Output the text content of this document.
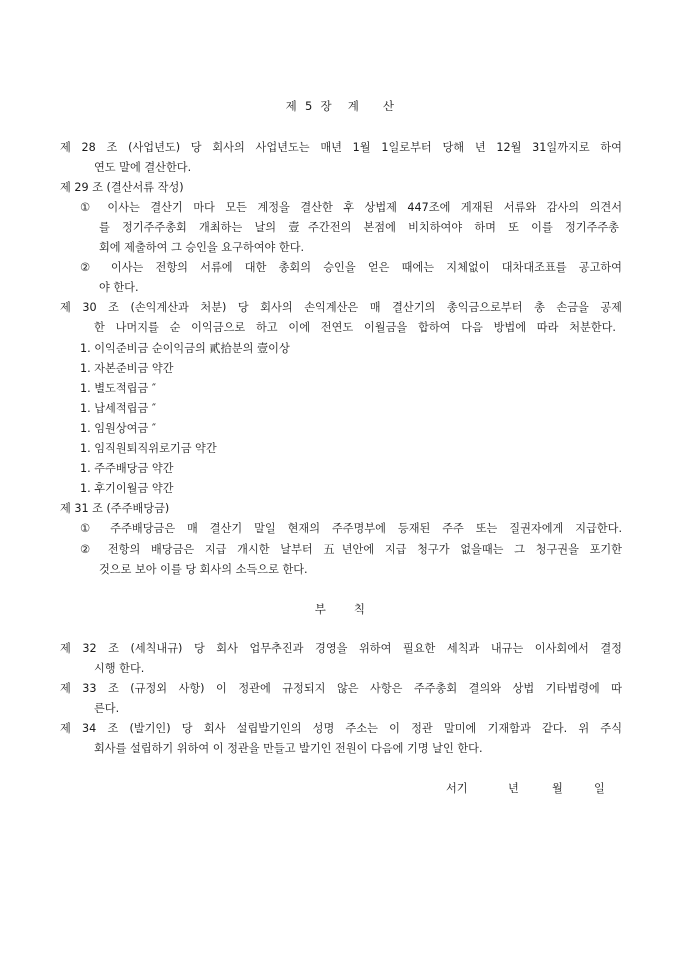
제  5  장    계      산
제 28 조 (사업년도) 당 회사의 사업년도는 매년 1월 1일로부터 당해 년 12월 31일까지로 하여
연도 말에 결산한다.
제 29 조 (결산서류 작성)
① 이사는 결산기 마다 모든 계정을 결산한 후 상법제 447조에 게재된 서류와 감사의 의견서
를 정기주주총회 개최하는 날의 壹주간전의 본점에 비치하여야 하며 또 이를 정기주주총
회에 제출하여 그 승인을 요구하여야 한다.
② 이사는 전항의 서류에 대한 총회의 승인을 얻은 때에는 지체없이 대차대조표를 공고하여
야 한다.
제 30 조 (손익계산과 처분) 당 회사의 손익계산은 매 결산기의 총익금으로부터 총 손금을 공제
한 나머지를 순 이익금으로 하고 이에 전연도 이월금을 합하여 다음 방법에 따라 처분한다.
1. 이익준비금 순이익금의 貳拾분의 壹이상
1. 자본준비금 약간
1. 별도적립금 ″
1. 납세적립금 ″
1. 임원상여금 ″
1. 임직원퇴직위로기금 약간
1. 주주배당금 약간
1. 후기이월금 약간
제 31 조 (주주배당금)
① 주주배당금은 매 결산기 말일 현재의 주주명부에 등재된 주주 또는 질권자에게 지급한다.
② 전항의 배당금은 지급 개시한 날부터 五년안에 지급 청구가 없을때는 그 청구권을 포기한
것으로 보아 이를 당 회사의 소득으로 한다.
부       칙
제 32 조 (세칙내규) 당 회사 업무추진과 경영을 위하여 필요한 세칙과 내규는 이사회에서 결정
시행 한다.
제 33 조 (규정외 사항) 이 정관에 규정되지 않은 사항은 주주총회 결의와 상법 기타법령에 따
른다.
제 34 조 (발기인) 당 회사 설립발기인의 성명 주소는 이 정관 말미에 기재함과 같다. 위 주식
회사를 설립하기 위하여 이 정관을 만들고 발기인 전원이 다음에 기명 날인 한다.
서기	년	월	일
